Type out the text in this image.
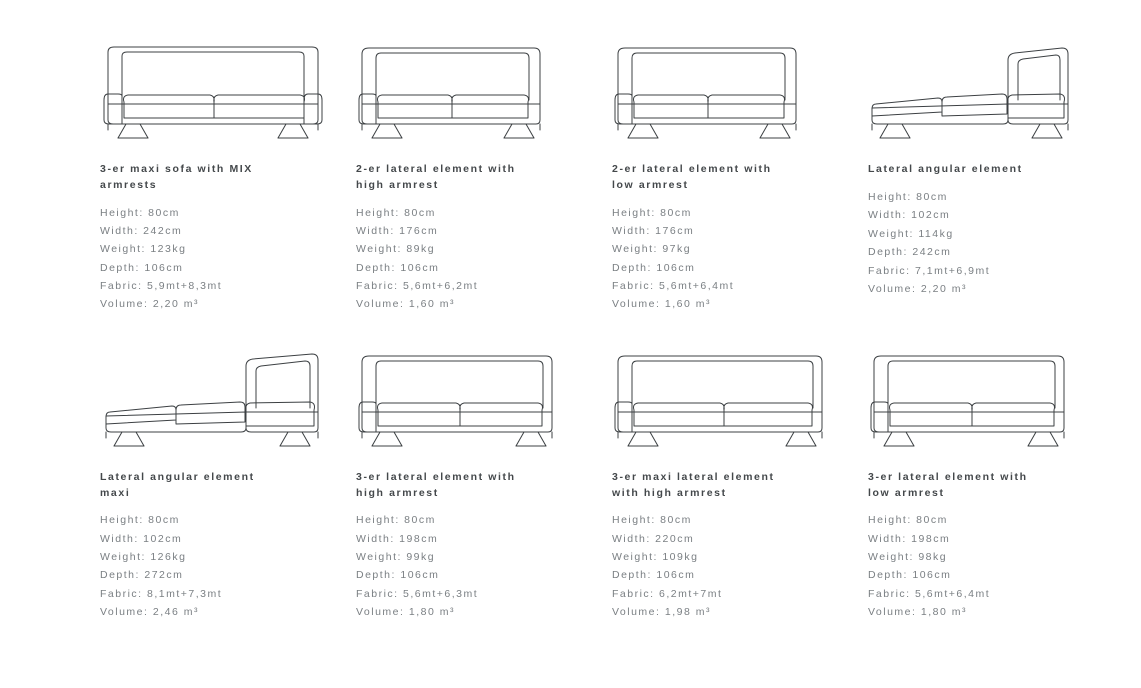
3-er maxi sofa with MIX
armrests
Height: 80cm
Width: 242cm
Weight: 123kg
Depth: 106cm
Fabric: 5,9mt+8,3mt
Volume: 2,20 m³
2-er lateral element with
high armrest
Height: 80cm
Width: 176cm
Weight: 89kg
Depth: 106cm
Fabric: 5,6mt+6,2mt
Volume: 1,60 m³
2-er lateral element with
low armrest
Height: 80cm
Width: 176cm
Weight: 97kg
Depth: 106cm
Fabric: 5,6mt+6,4mt
Volume: 1,60 m³
Lateral angular element
Height: 80cm
Width: 102cm
Weight: 114kg
Depth: 242cm
Fabric: 7,1mt+6,9mt
Volume: 2,20 m³
Lateral angular element
maxi
Height: 80cm
Width: 102cm
Weight: 126kg
Depth: 272cm
Fabric: 8,1mt+7,3mt
Volume: 2,46 m³
3-er lateral element with
high armrest
Height: 80cm
Width: 198cm
Weight: 99kg
Depth: 106cm
Fabric: 5,6mt+6,3mt
Volume: 1,80 m³
3-er maxi lateral element
with high armrest
Height: 80cm
Width: 220cm
Weight: 109kg
Depth: 106cm
Fabric: 6,2mt+7mt
Volume: 1,98 m³
3-er lateral element with
low armrest
Height: 80cm
Width: 198cm
Weight: 98kg
Depth: 106cm
Fabric: 5,6mt+6,4mt
Volume: 1,80 m³
